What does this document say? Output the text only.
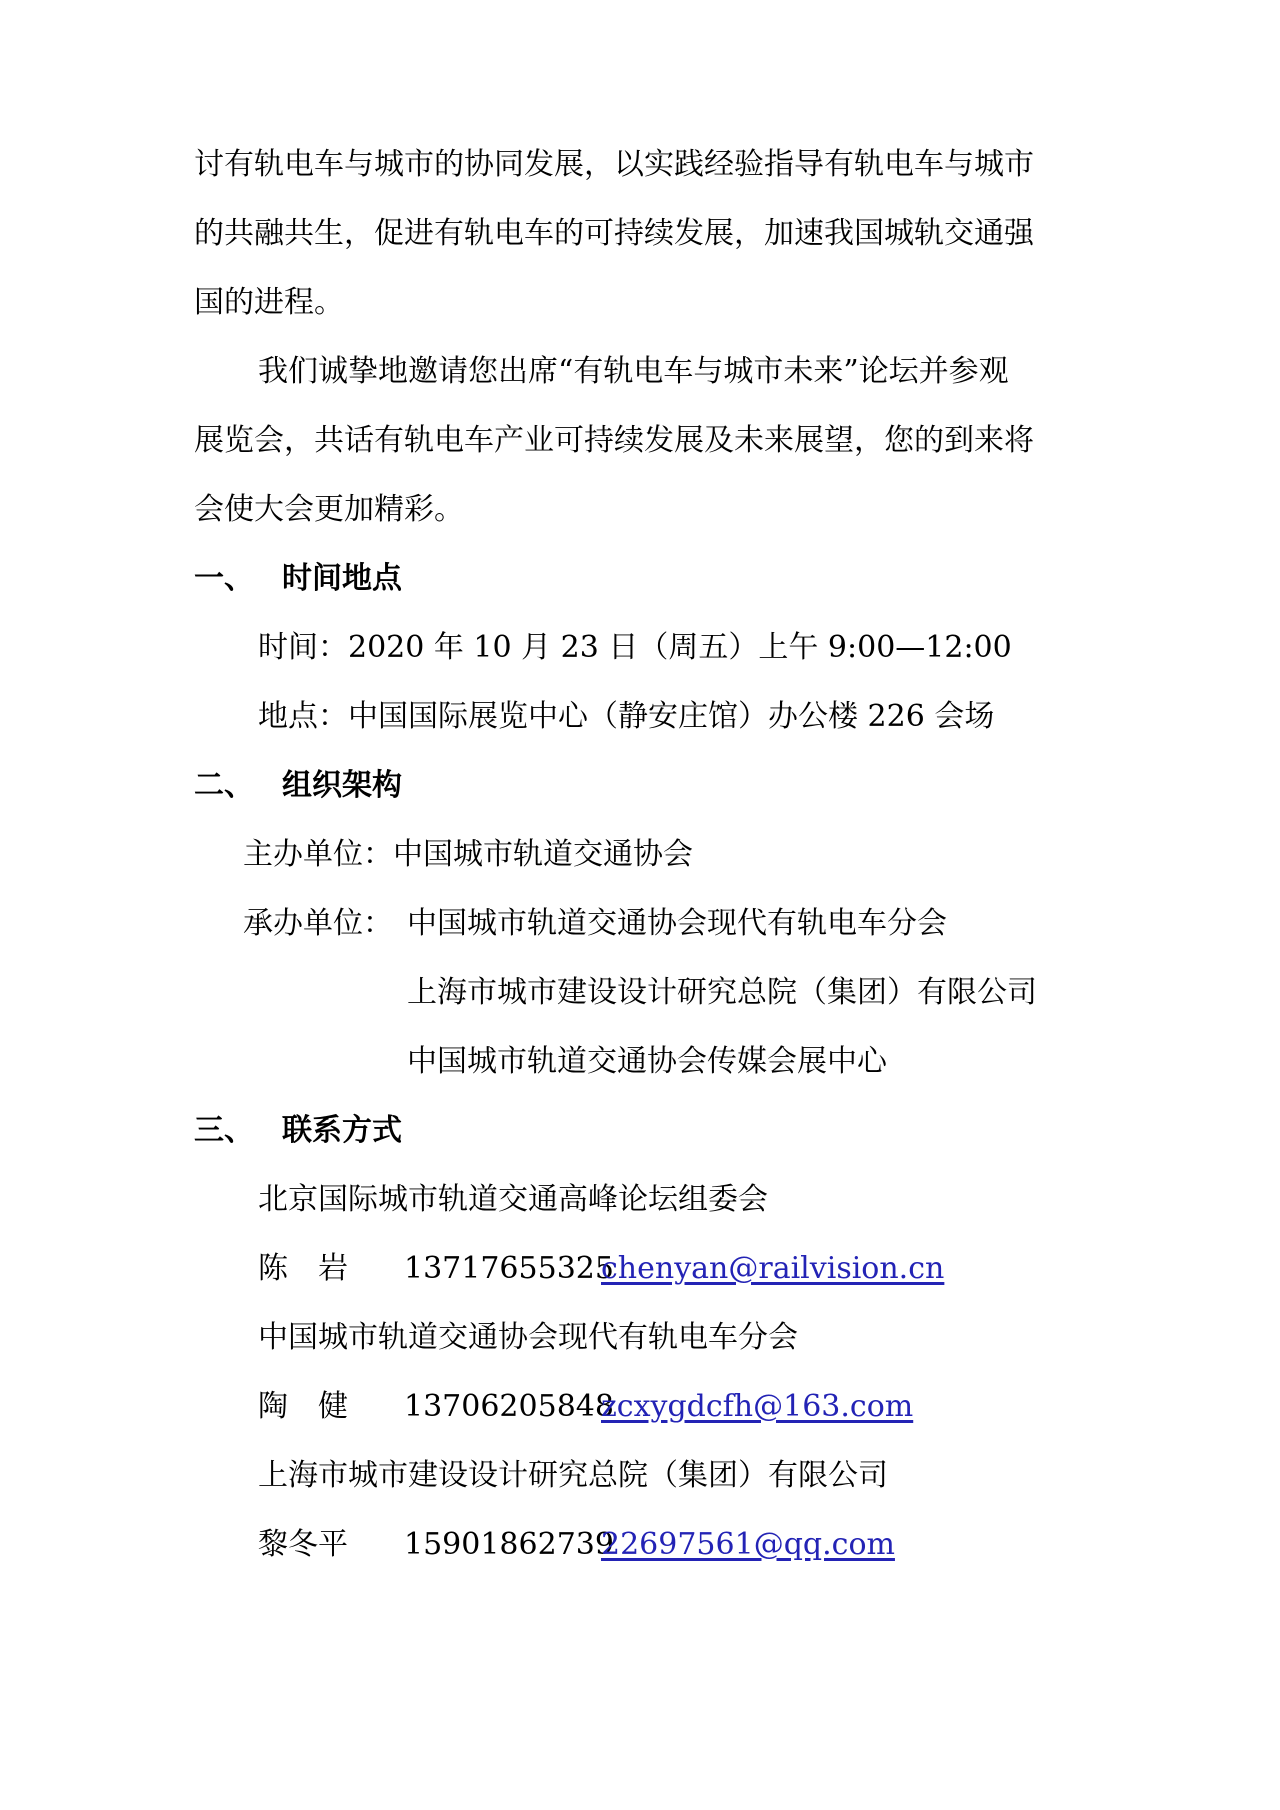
讨有轨电车与城市的协同发展，以实践经验指导有轨电车与城市
的共融共生，促进有轨电车的可持续发展，加速我国城轨交通强
国的进程。
我们诚挚地邀请您出席“有轨电车与城市未来”论坛并参观
展览会，共话有轨电车产业可持续发展及未来展望，您的到来将
会使大会更加精彩。
一、 时间地点
时间：2020 年 10 月 23 日（周五）上午 9:00—12:00
地点：中国国际展览中心（静安庄馆）办公楼 226 会场
二、 组织架构
主办单位：中国城市轨道交通协会
承办单位： 中国城市轨道交通协会现代有轨电车分会
上海市城市建设设计研究总院（集团）有限公司
中国城市轨道交通协会传媒会展中心
三、 联系方式
北京国际城市轨道交通高峰论坛组委会
陈　岩 13717655325
chenyan@railvision.cn
中国城市轨道交通协会现代有轨电车分会
陶　健 13706205848
zcxygdcfh@163.com
上海市城市建设设计研究总院（集团）有限公司
黎冬平 15901862739
22697561@qq.com
